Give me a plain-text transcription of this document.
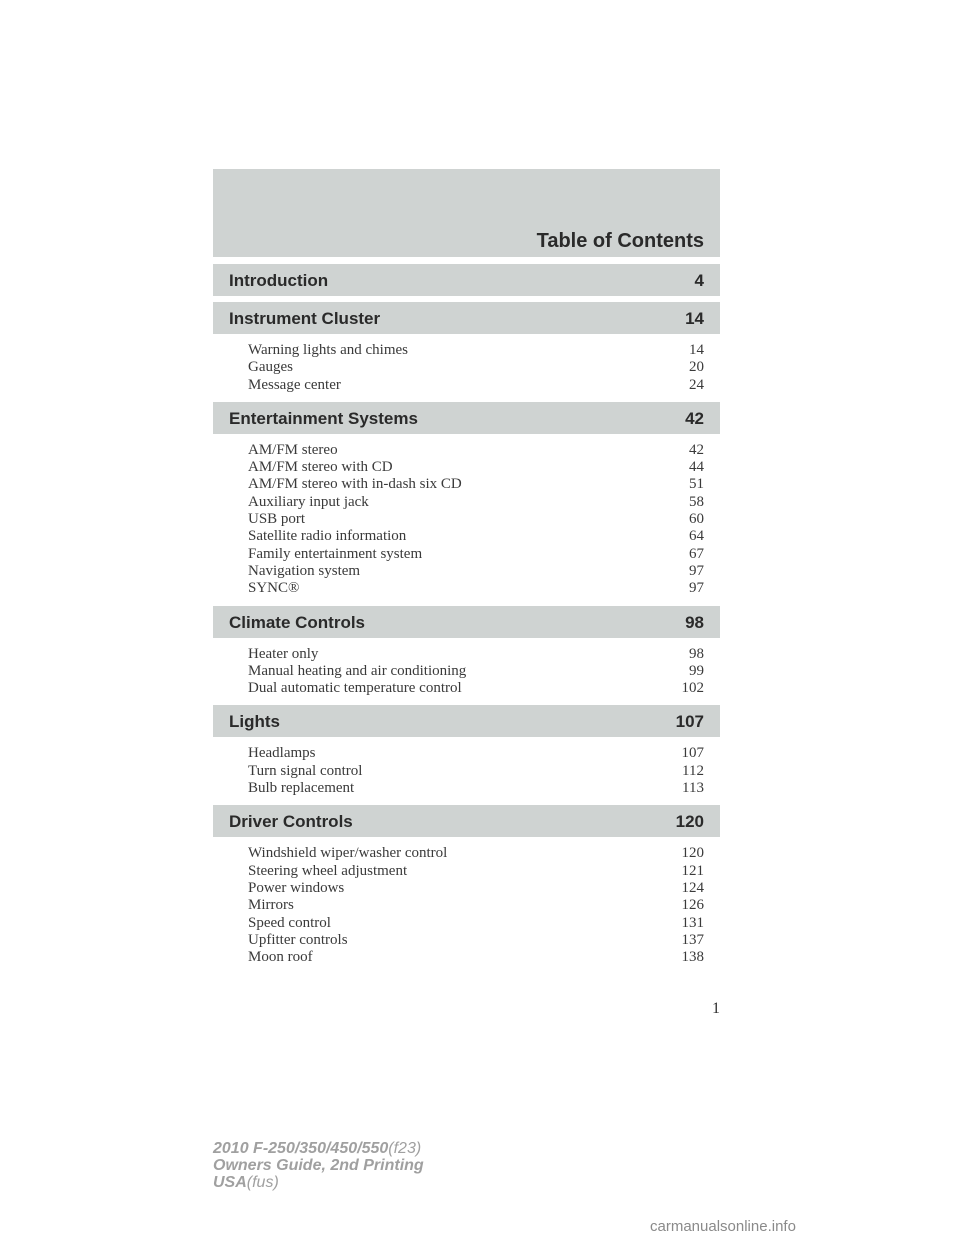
Table of Contents
Introduction	4
Instrument Cluster	14
Warning lights and chimes	14
Gauges	20
Message center	24
Entertainment Systems	42
AM/FM stereo	42
AM/FM stereo with CD	44
AM/FM stereo with in-dash six CD	51
Auxiliary input jack	58
USB port	60
Satellite radio information	64
Family entertainment system	67
Navigation system	97
SYNC®	97
Climate Controls	98
Heater only	98
Manual heating and air conditioning	99
Dual automatic temperature control	102
Lights	107
Headlamps	107
Turn signal control	112
Bulb replacement	113
Driver Controls	120
Windshield wiper/washer control	120
Steering wheel adjustment	121
Power windows	124
Mirrors	126
Speed control	131
Upfitter controls	137
Moon roof	138
1
2010 F-250/350/450/550(f23)
Owners Guide, 2nd Printing
USA(fus)
carmanualsonline.info
